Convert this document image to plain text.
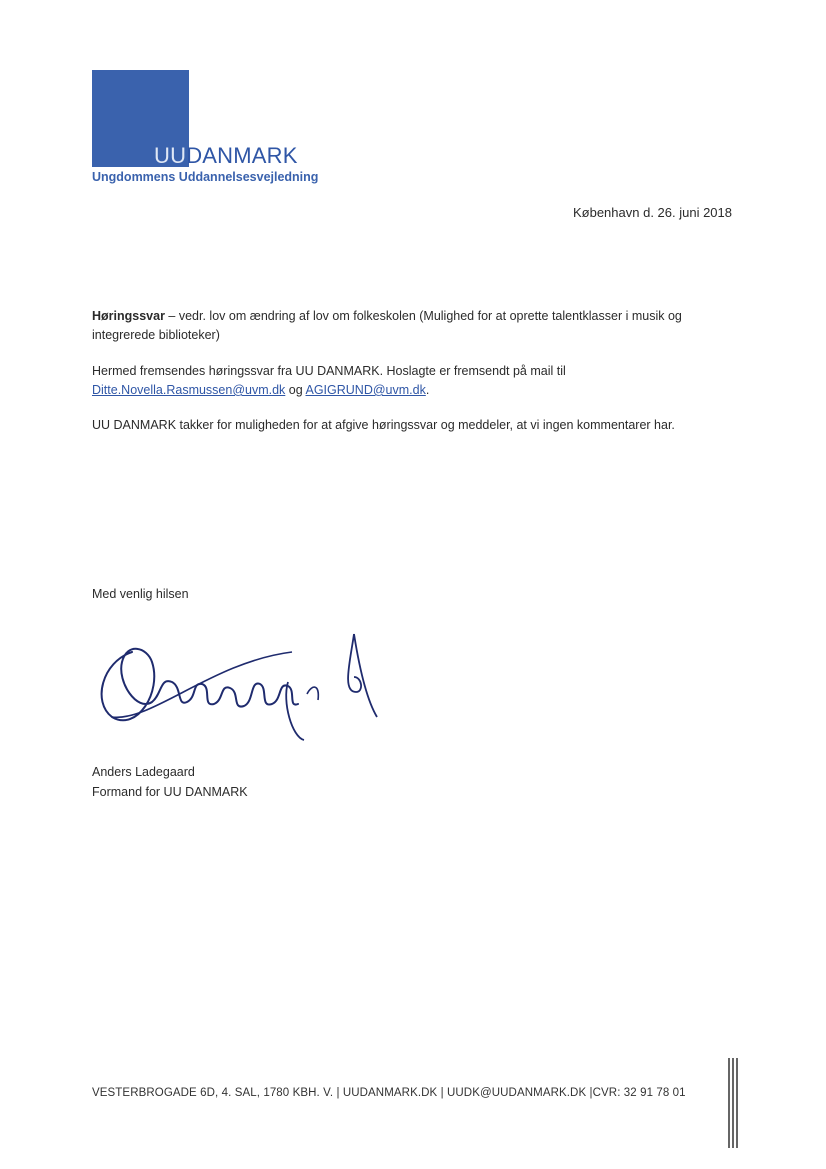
UUDANMARK
Ungdommens Uddannelsesvejledning
København d. 26. juni 2018
Høringssvar – vedr. lov om ændring af lov om folkeskolen (Mulighed for at oprette talentklasser i musik og integrerede biblioteker)
Hermed fremsendes høringssvar fra UU DANMARK. Hoslagte er fremsendt på mail til
Ditte.Novella.Rasmussen@uvm.dk og AGIGRUND@uvm.dk.
UU DANMARK takker for muligheden for at afgive høringssvar og meddeler, at vi ingen kommentarer har.
Med venlig hilsen
Anders Ladegaard
Formand for UU DANMARK
VESTERBROGADE 6D, 4. SAL, 1780 KBH. V. | UUDANMARK.DK | UUDK@UUDANMARK.DK |CVR: 32 91 78 01
